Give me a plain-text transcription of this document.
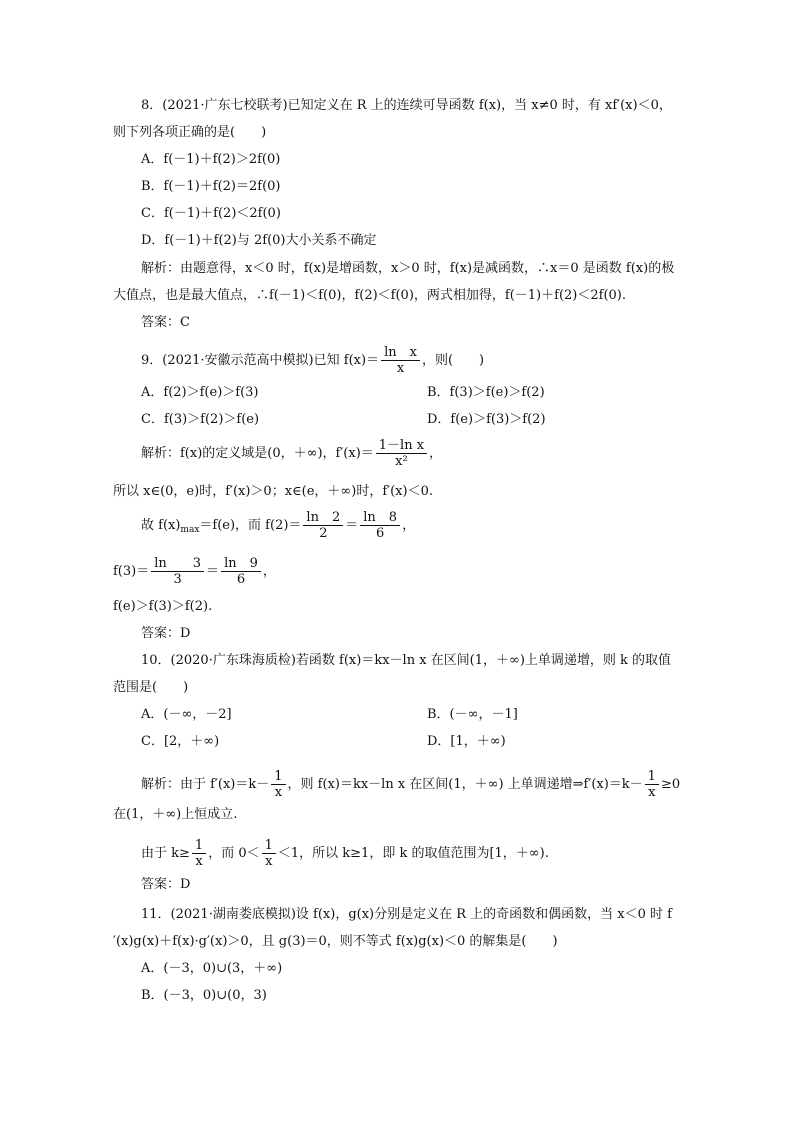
8．(2021·广东七校联考)已知定义在 R 上的连续可导函数 f(x)，当 x≠0 时，有 xf′(x)＜0，
则下列各项正确的是(　　)
A．f(－1)＋f(2)＞2f(0)
B．f(－1)＋f(2)＝2f(0)
C．f(－1)＋f(2)＜2f(0)
D．f(－1)＋f(2)与 2f(0)大小关系不确定
解析：由题意得，x＜0 时，f(x)是增函数，x＞0 时，f(x)是减函数，∴x＝0 是函数 f(x)的极
大值点，也是最大值点，∴f(－1)＜f(0)，f(2)＜f(0)，两式相加得，f(－1)＋f(2)＜2f(0).
答案：C
9．(2021·安徽示范高中模拟)已知 $f(x)= \frac{\text{ln　x}}{x}$ ，则(　　)
A．f(2)＞f(e)＞f(3)	B．f(3)＞f(e)＞f(2)
C．f(3)＞f(2)＞f(e)	D．f(e)＞f(3)＞f(2)
解析：f(x)的定义域是(0，＋∞)，$f'(x)= \frac{\text{1－ln x}}{\text{x²}}$ ，
所以 x∈(0，e)时，f′(x)＞0；x∈(e，＋∞)时，f′(x)＜0.
故 $f(x)_{max}=f(e)$，而 $f(2)= \frac{\ln 2}{2} = \frac{\ln 8}{6}$ ，
$f(3)= \frac{\ln 3}{3} = \frac{\ln 9}{6}$ ，
f(e)＞f(3)＞f(2).
答案：D
10．(2020·广东珠海质检)若函数 f(x)＝kx－ln x 在区间(1，＋∞)上单调递增，则 k 的取值
范围是(　　)
A．(－∞，－2]	B．(－∞，－1]
C．[2，＋∞)	D．[1，＋∞)
解析：由于 $f'(x)=k- \frac{1}{x}$ ，则 f(x)＝kx－ln x 在区间(1，＋∞) 上单调递增⇒f′(x)＝k－ $\frac{1}{x} \ge 0$
在(1，＋∞)上恒成立.
由于 $k\ge \frac{1}{x}$ ，而 $0< \frac{1}{x} <1$，所以 k≥1，即 k 的取值范围为[1，＋∞).
答案：D
11．(2021·湖南娄底模拟)设 f(x)，g(x)分别是定义在 R 上的奇函数和偶函数，当 x＜0 时 f
′(x)g(x)＋f(x)·g′(x)＞0，且 g(3)＝0，则不等式 f(x)g(x)＜0 的解集是(　　)
A．(－3，0)∪(3，＋∞)
B．(－3，0)∪(0，3)
